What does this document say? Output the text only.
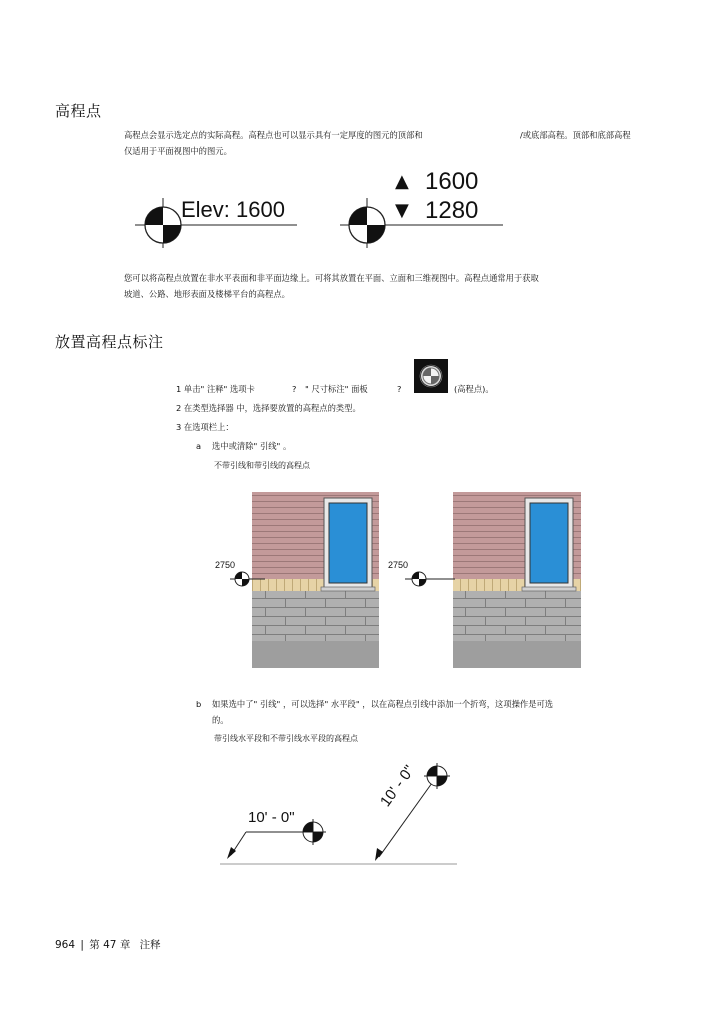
高程点
高程点会显示选定点的实际高程。高程点也可以显示具有一定厚度的图元的顶部和	/或底部高程。顶部和底部高程
仅适用于平面视图中的图元。
Elev: 1600
▲ 1600
▼ 1280
您可以将高程点放置在非水平表面和非平面边缘上。可将其放置在平面、立面和三维视图中。高程点通常用于获取
坡道、公路、地形表面及楼梯平台的高程点。
放置高程点标注
1 单击" 注释" 选项卡	? " 尺寸标注" 面板	?	(高程点)。
2 在类型选择器 中，选择要放置的高程点的类型。
3 在选项栏上：
a 选中或清除" 引线" 。
不带引线和带引线的高程点
2750	2750
b 如果选中了" 引线" ，可以选择" 水平段" ，以在高程点引线中添加一个折弯，这项操作是可选
的。
带引线水平段和不带引线水平段的高程点
10' - 0"
10' - 0"
964 | 第 47 章 注释
